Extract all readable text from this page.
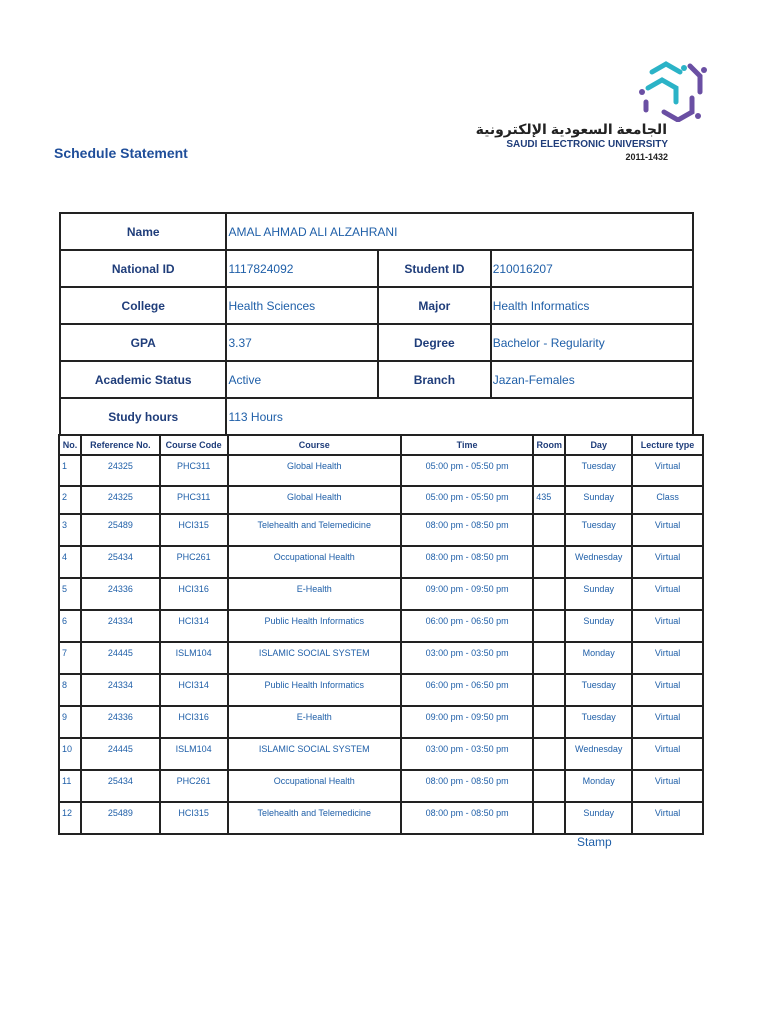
Schedule Statement
الجامعة السعودية الإلكترونية
SAUDI ELECTRONIC UNIVERSITY
2011-1432
Name	AMAL AHMAD ALI ALZAHRANI		
National ID	1117824092	Student ID	210016207
College	Health Sciences	Major	Health Informatics
GPA	3.37	Degree	Bachelor - Regularity
Academic Status	Active	Branch	Jazan-Females
Study hours	113 Hours		
No.	Reference No.	Course Code	Course	Time	Room	Day	Lecture type
1	24325	PHC311	Global Health	05:00 pm - 05:50 pm		Tuesday	Virtual
2	24325	PHC311	Global Health	05:00 pm - 05:50 pm	435	Sunday	Class
3	25489	HCI315	Telehealth and Telemedicine	08:00 pm - 08:50 pm		Tuesday	Virtual
4	25434	PHC261	Occupational Health	08:00 pm - 08:50 pm		Wednesday	Virtual
5	24336	HCI316	E-Health	09:00 pm - 09:50 pm		Sunday	Virtual
6	24334	HCI314	Public Health Informatics	06:00 pm - 06:50 pm		Sunday	Virtual
7	24445	ISLM104	ISLAMIC SOCIAL SYSTEM	03:00 pm - 03:50 pm		Monday	Virtual
8	24334	HCI314	Public Health Informatics	06:00 pm - 06:50 pm		Tuesday	Virtual
9	24336	HCI316	E-Health	09:00 pm - 09:50 pm		Tuesday	Virtual
10	24445	ISLM104	ISLAMIC SOCIAL SYSTEM	03:00 pm - 03:50 pm		Wednesday	Virtual
11	25434	PHC261	Occupational Health	08:00 pm - 08:50 pm		Monday	Virtual
12	25489	HCI315	Telehealth and Telemedicine	08:00 pm - 08:50 pm		Sunday	Virtual
Stamp
